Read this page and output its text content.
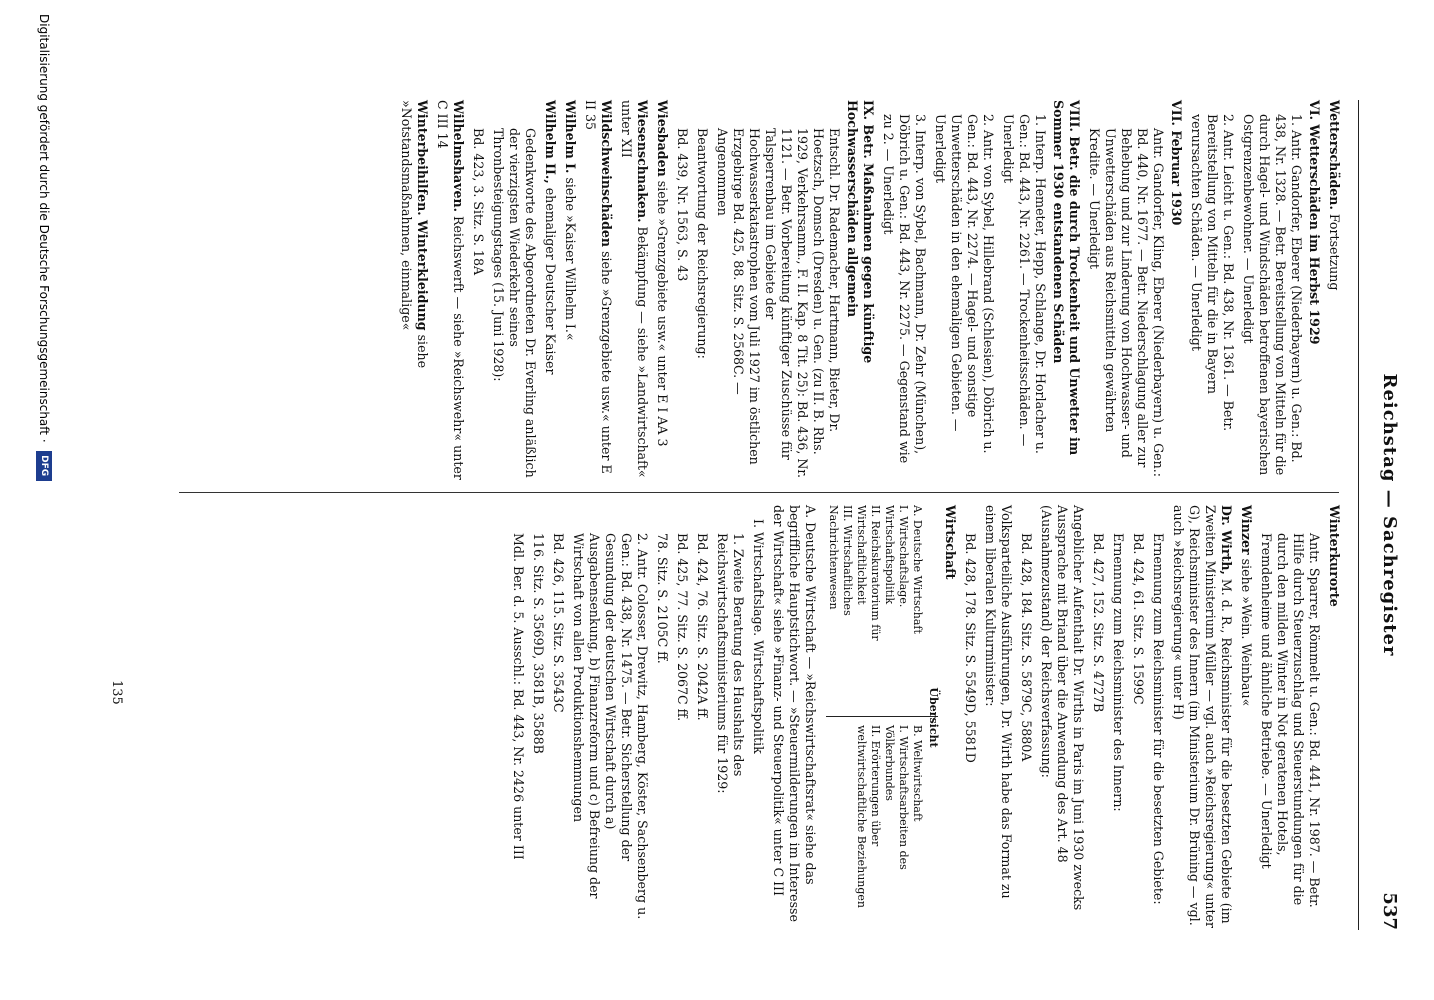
Reichstag — Sachregister
537
Wetterschäden. Fortsetzung
VI. Wetterschäden im Herbst 1929
1. Antr. Gandorfer, Eberer (Niederbayern) u. Gen.: Bd. 438, Nr. 1328. — Betr. Bereitstellung von Mitteln für die durch Hagel- und Windschäden betroffenen bayerischen Ostgrenzenbewohner. — Unerledigt
2. Antr. Leicht u. Gen.: Bd. 438, Nr. 1361. — Betr. Bereitstellung von Mitteln für die in Bayern verursachten Schäden. — Unerledigt
VII. Februar 1930
Antr. Gandorfer, Kling, Eberer (Niederbayern) u. Gen.: Bd. 440, Nr. 1677. — Betr. Niederschlagung aller zur Behebung und zur Linderung von Hochwasser- und Unwetterschäden aus Reichsmitteln gewährten Kredite. — Unerledigt
VIII. Betr. die durch Trockenheit und Unwetter im Sommer 1930 entstandenen Schäden
1. Interp. Hemeter, Hepp, Schlange, Dr. Horlacher u. Gen.: Bd. 443, Nr. 2261. — Trockenheitsschäden. — Unerledigt
2. Antr. von Sybel, Hillebrand (Schlesien), Döbrich u. Gen.: Bd. 443, Nr. 2274. — Hagel- und sonstige Unwetterschäden in den ehemaligen Gebieten. — Unerledigt
3. Interp. von Sybel, Bachmann, Dr. Zehr (München), Döbrich u. Gen.: Bd. 443, Nr. 2275. — Gegenstand wie zu 2. — Unerledigt
IX. Betr. Maßnahmen gegen künftige Hochwasserschäden allgemein
Entschl. Dr. Rademacher, Hartmann, Bieter, Dr. Hoetzsch, Domsch (Dresden) u. Gen. (zu II. B. Rhs. 1929, Verkehrsamm., F. II. Kap. 8 Tit. 25): Bd. 436, Nr. 1121. — Betr. Vorbereitung künftiger Zuschüsse für Talsperrenbau im Gebiete der Hochwasserkatastrophen vom Juli 1927 im östlichen Erzgebirge Bd. 425, 88. Sitz. S. 2568C. — Angenommen
Beantwortung der Reichsregierung:
Bd. 439, Nr. 1563, S. 43
Wiesbaden siehe »Grenzgebiete usw.« unter E I AA 3
Wiesenschnaken. Bekämpfung — siehe »Landwirtschaft« unter XII
Wildschweinschäden siehe »Grenzgebiete usw.« unter E II 35
Wilhelm I. siehe »Kaiser Wilhelm I.«
Wilhelm II., ehemaliger Deutscher Kaiser
Gedenkworte des Abgeordneten Dr. Everling anläßlich der vierzigsten Wiederkehr seines Thronbesteigungstages (15. Juni 1928):
Bd. 423, 3. Sitz. S. 18A
Wilhelmshaven. Reichswerft — siehe »Reichswehr« unter C III 14
Winterbeihilfen. Winterkleidung siehe »Notstandsmaßnahmen, einmalige«
Winterkurorte
Antr. Sparrer, Römmelt u. Gen.: Bd. 441, Nr. 1987. — Betr. Hilfe durch Steuerzuschlag und Steuerstundungen für die durch den milden Winter in Not geratenen Hotels, Fremdenheime und ähnliche Betriebe. — Unerledigt
Winzer siehe »Wein. Weinbau«
Dr. Wirth, M. d. R., Reichsminister für die besetzten Gebiete (im Zweiten Ministerium Müller — vgl. auch »Reichsregierung« unter G), Reichsminister des Innern (im Ministerium Dr. Brüning — vgl. auch »Reichsregierung« unter H)
Ernennung zum Reichsminister für die besetzten Gebiete:
Bd. 424, 61. Sitz. S. 1599C
Ernennung zum Reichsminister des Innern:
Bd. 427, 152. Sitz. S. 4727B
Angeblicher Aufenthalt Dr. Wirths in Paris im Juni 1930 zwecks Aussprache mit Briand über die Anwendung des Art. 48 (Ausnahmezustand) der Reichsverfassung:
Bd. 428, 184. Sitz. S. 5879C, 5880A
Volksparteiliche Ausführungen, Dr. Wirth habe das Format zu einem liberalen Kulturminister:
Bd. 428, 178. Sitz. S. 5549D, 5581D
Wirtschaft
Übersicht
A. Deutsche Wirtschaft
I. Wirtschaftslage. Wirtschaftspolitik
II. Reichskuratorium für Wirtschaftlichkeit
III. Wirtschaftliches Nachrichtenwesen
B. Weltwirtschaft
I. Wirtschaftsarbeiten des Völkerbundes
II. Erörterungen über weltwirtschaftliche Beziehungen
A. Deutsche Wirtschaft — »Reichswirtschaftsrat« siehe das begriffliche Hauptstichwort. — »Steuermilderungen im Interesse der Wirtschaft« siehe »Finanz- und Steuerpolitik« unter C III
I. Wirtschaftslage. Wirtschaftspolitik
1. Zweite Beratung des Haushalts des Reichswirtschaftsministeriums für 1929:
Bd. 424, 76. Sitz. S. 2042A ff.
Bd. 425, 77. Sitz. S. 2067C ff.
78. Sitz. S. 2105C ff.
2. Antr. Colosser, Drewitz, Hamberg, Köster, Sachsenberg u. Gen.: Bd. 438, Nr. 1475. — Betr. Sicherstellung der Gesundung der deutschen Wirtschaft durch a) Ausgabensenkung, b) Finanzreform und c) Befreiung der Wirtschaft von allen Produktionshemmungen
Bd. 426, 115. Sitz. S. 3543C
116. Sitz. S. 3569D, 3581B, 3588B
Mdl. Ber. d. 5. Ausschl.: Bd. 443, Nr. 2426 unter III
135
Digitalisierung gefördert durch die Deutsche Forschungsgemeinschaft ·
DFG
